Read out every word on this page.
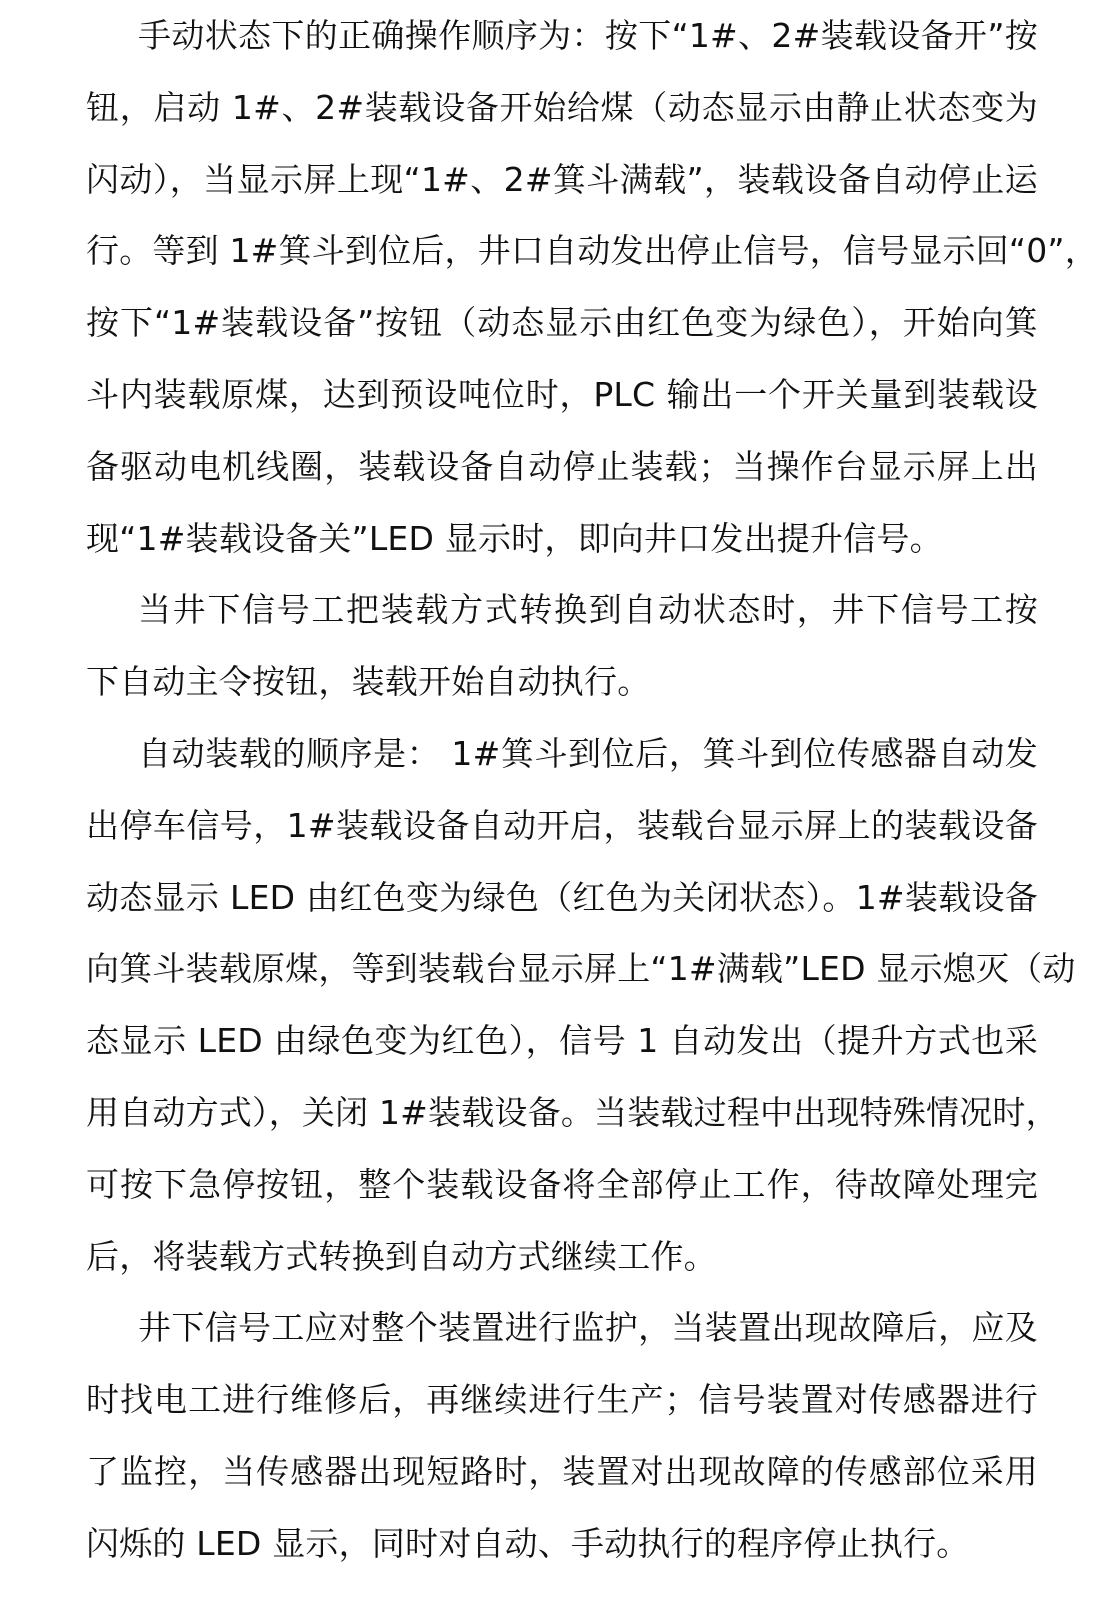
手动状态下的正确操作顺序为：按下“1#、2#装载设备开”按
钮，启动 1#、2#装载设备开始给煤（动态显示由静止状态变为
闪动），当显示屏上现“1#、2#箕斗满载”，装载设备自动停止运
行。等到 1#箕斗到位后，井口自动发出停止信号，信号显示回“0”，
按下“1#装载设备”按钮（动态显示由红色变为绿色），开始向箕
斗内装载原煤，达到预设吨位时，PLC 输出一个开关量到装载设
备驱动电机线圈，装载设备自动停止装载；当操作台显示屏上出
现“1#装载设备关”LED 显示时，即向井口发出提升信号。
当井下信号工把装载方式转换到自动状态时，井下信号工按
下自动主令按钮，装载开始自动执行。
自动装载的顺序是： 1#箕斗到位后，箕斗到位传感器自动发
出停车信号，1#装载设备自动开启，装载台显示屏上的装载设备
动态显示 LED 由红色变为绿色（红色为关闭状态）。1#装载设备
向箕斗装载原煤，等到装载台显示屏上“1#满载”LED 显示熄灭（动
态显示 LED 由绿色变为红色），信号 1 自动发出（提升方式也采
用自动方式），关闭 1#装载设备。当装载过程中出现特殊情况时，
可按下急停按钮，整个装载设备将全部停止工作，待故障处理完
后，将装载方式转换到自动方式继续工作。
井下信号工应对整个装置进行监护，当装置出现故障后，应及
时找电工进行维修后，再继续进行生产；信号装置对传感器进行
了监控，当传感器出现短路时，装置对出现故障的传感部位采用
闪烁的 LED 显示，同时对自动、手动执行的程序停止执行。
